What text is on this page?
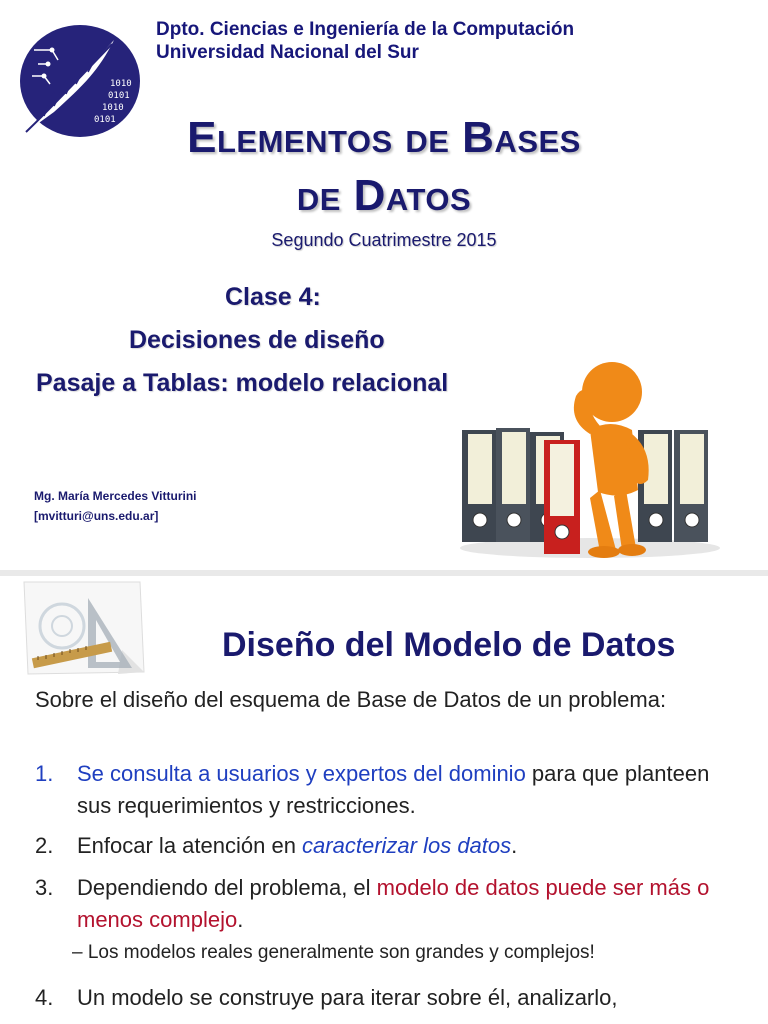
1010
0101
1010
0101
Dpto. Ciencias e Ingeniería de la Computación
Universidad Nacional del Sur
Elementos de Bases
de Datos
Segundo Cuatrimestre 2015
Clase 4:
Decisiones de diseño
Pasaje a Tablas: modelo relacional
Mg. María Mercedes Vitturini
[mvitturi@uns.edu.ar]
Diseño del Modelo de Datos
Sobre el diseño del esquema de Base de Datos de un problema:
1. Se consulta a usuarios y expertos del dominio para que planteen sus requerimientos y restricciones.
2. Enfocar la atención en caracterizar los datos.
3. Dependiendo del problema, el modelo de datos puede ser más o menos complejo.
– Los modelos reales generalmente son grandes y complejos!
4. Un modelo se construye para iterar sobre él, analizarlo,
